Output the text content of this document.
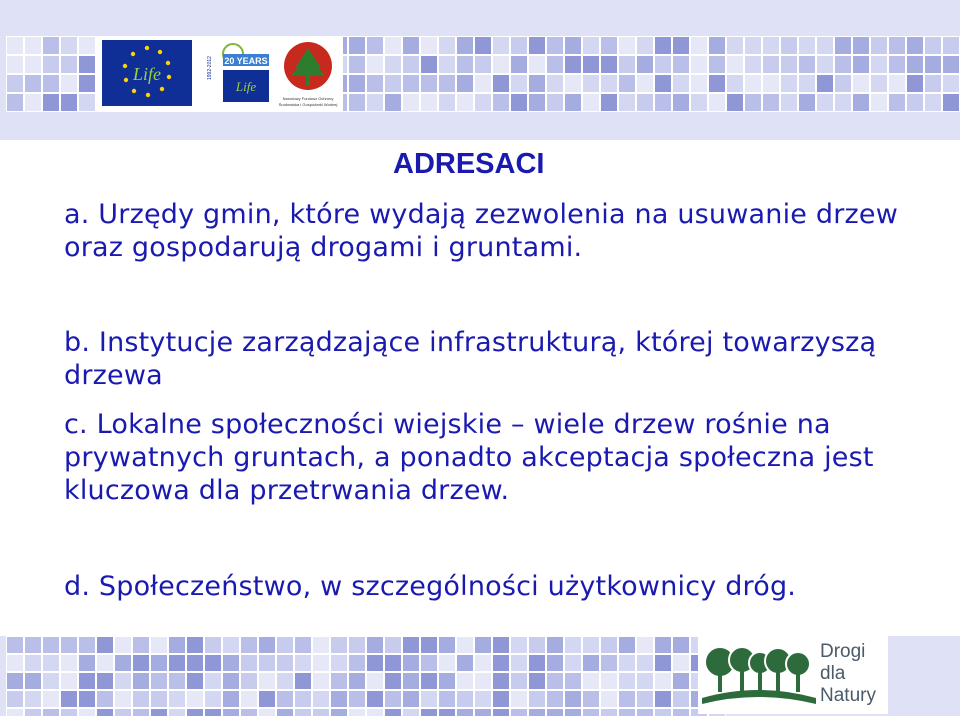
Life
20 YEARS
Life
1992-2012
Narodowy Fundusz Ochrony
Środowiska i Gospodarki Wodnej
ADRESACI
a. Urzędy gmin, które wydają zezwolenia na usuwanie drzew oraz gospodarują drogami i gruntami.
b. Instytucje zarządzające infrastrukturą, której towarzyszą drzewa
c. Lokalne społeczności wiejskie – wiele drzew rośnie na prywatnych gruntach, a ponadto akceptacja społeczna jest kluczowa dla przetrwania drzew.
d. Społeczeństwo, w szczególności użytkownicy dróg.
Drogi
dla
Natury
